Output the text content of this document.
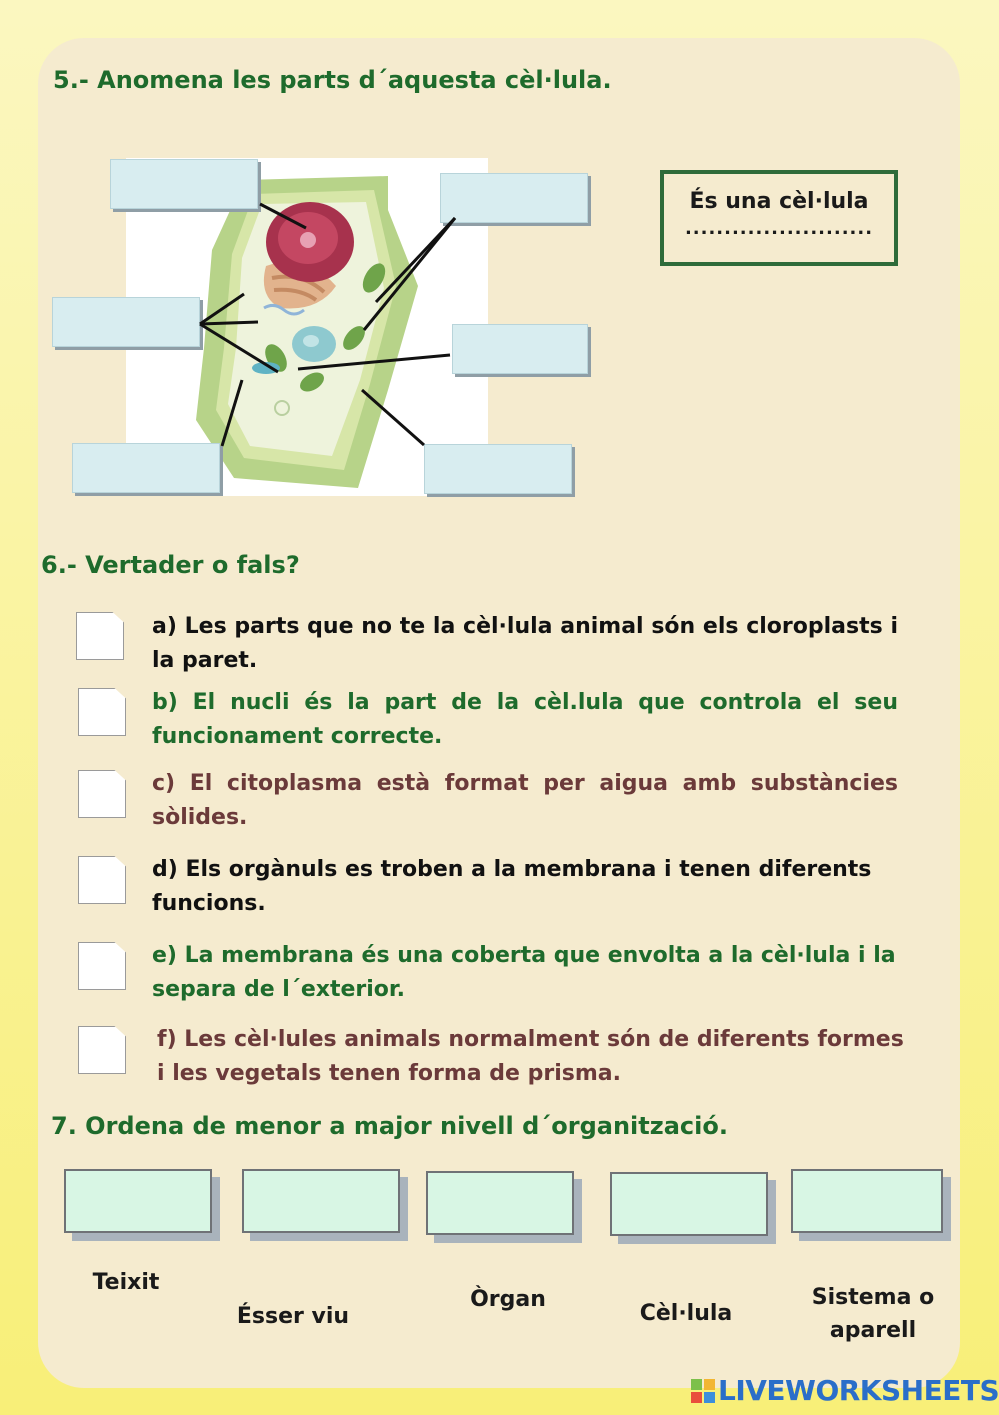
5.- Anomena les parts d´aquesta cèl·lula.
És una cèl·lula
........................
6.- Vertader o fals?
a) Les parts que no te la cèl·lula animal són els cloroplasts i la paret.
b) El nucli és la part de la cèl.lula que controla el seu funcionament correcte.
c) El citoplasma està format per aigua amb substàncies sòlides.
d) Els orgànuls es troben a la membrana i tenen diferents funcions.
e) La membrana és una coberta que envolta a la cèl·lula i la separa de l´exterior.
f) Les cèl·lules animals normalment són de diferents formes i les vegetals tenen forma de prisma.
7. Ordena de menor a major nivell d´organització.
Teixit
Ésser viu
Òrgan
Cèl·lula
Sistema o aparell
LIVEWORKSHEETS
